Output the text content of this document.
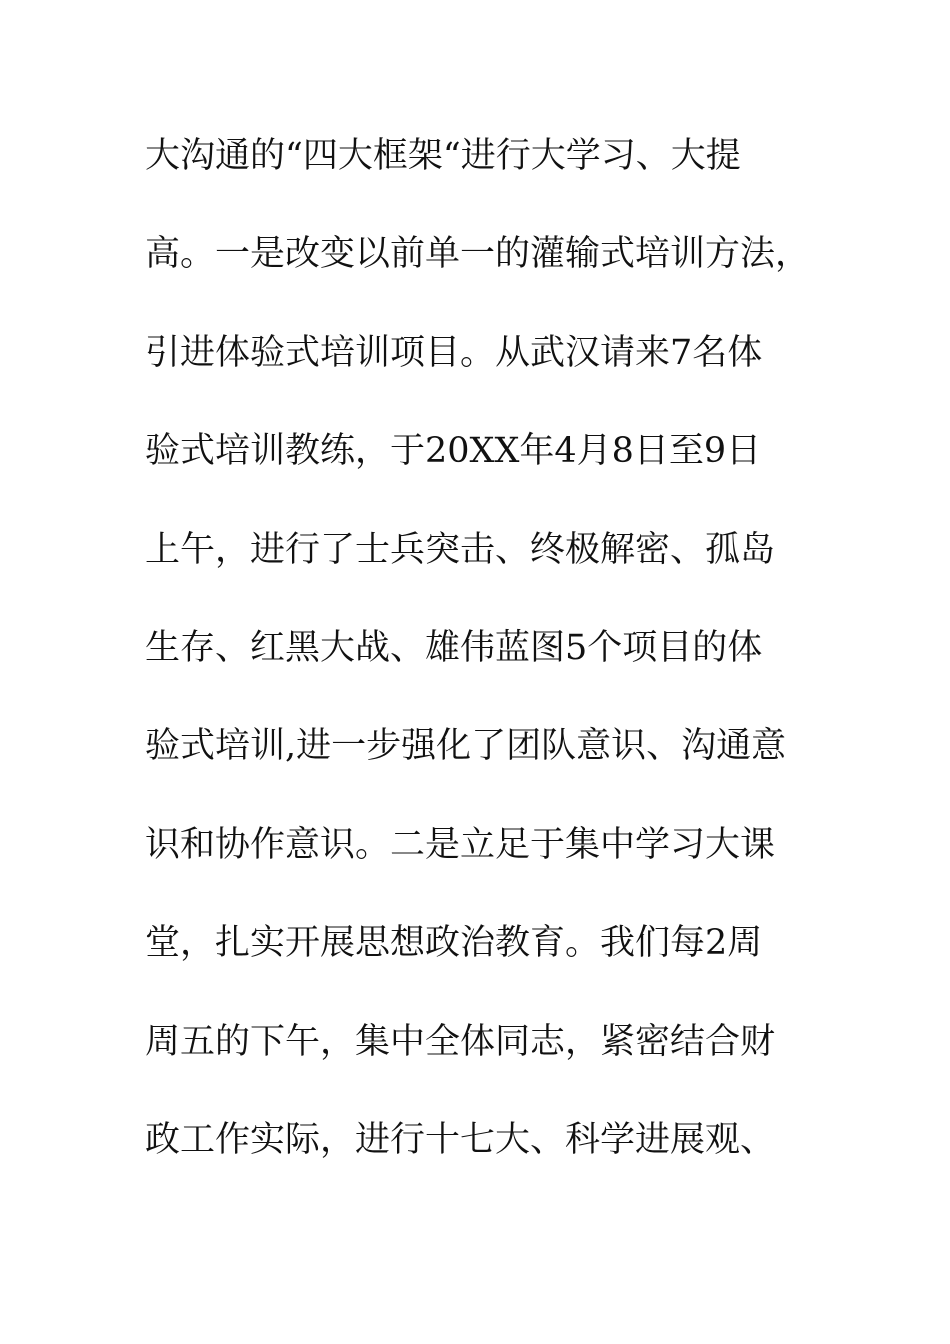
大沟通的“四大框架“进行大学习、大提
高。一是改变以前单一的灌输式培训方法，
引进体验式培训项目。从武汉请来7名体
验式培训教练，于20XX年4月8日至9日
上午，进行了士兵突击、终极解密、孤岛
生存、红黑大战、雄伟蓝图5个项目的体
验式培训,进一步强化了团队意识、沟通意
识和协作意识。二是立足于集中学习大课
堂，扎实开展思想政治教育。我们每2周
周五的下午，集中全体同志，紧密结合财
政工作实际，进行十七大、科学进展观、
